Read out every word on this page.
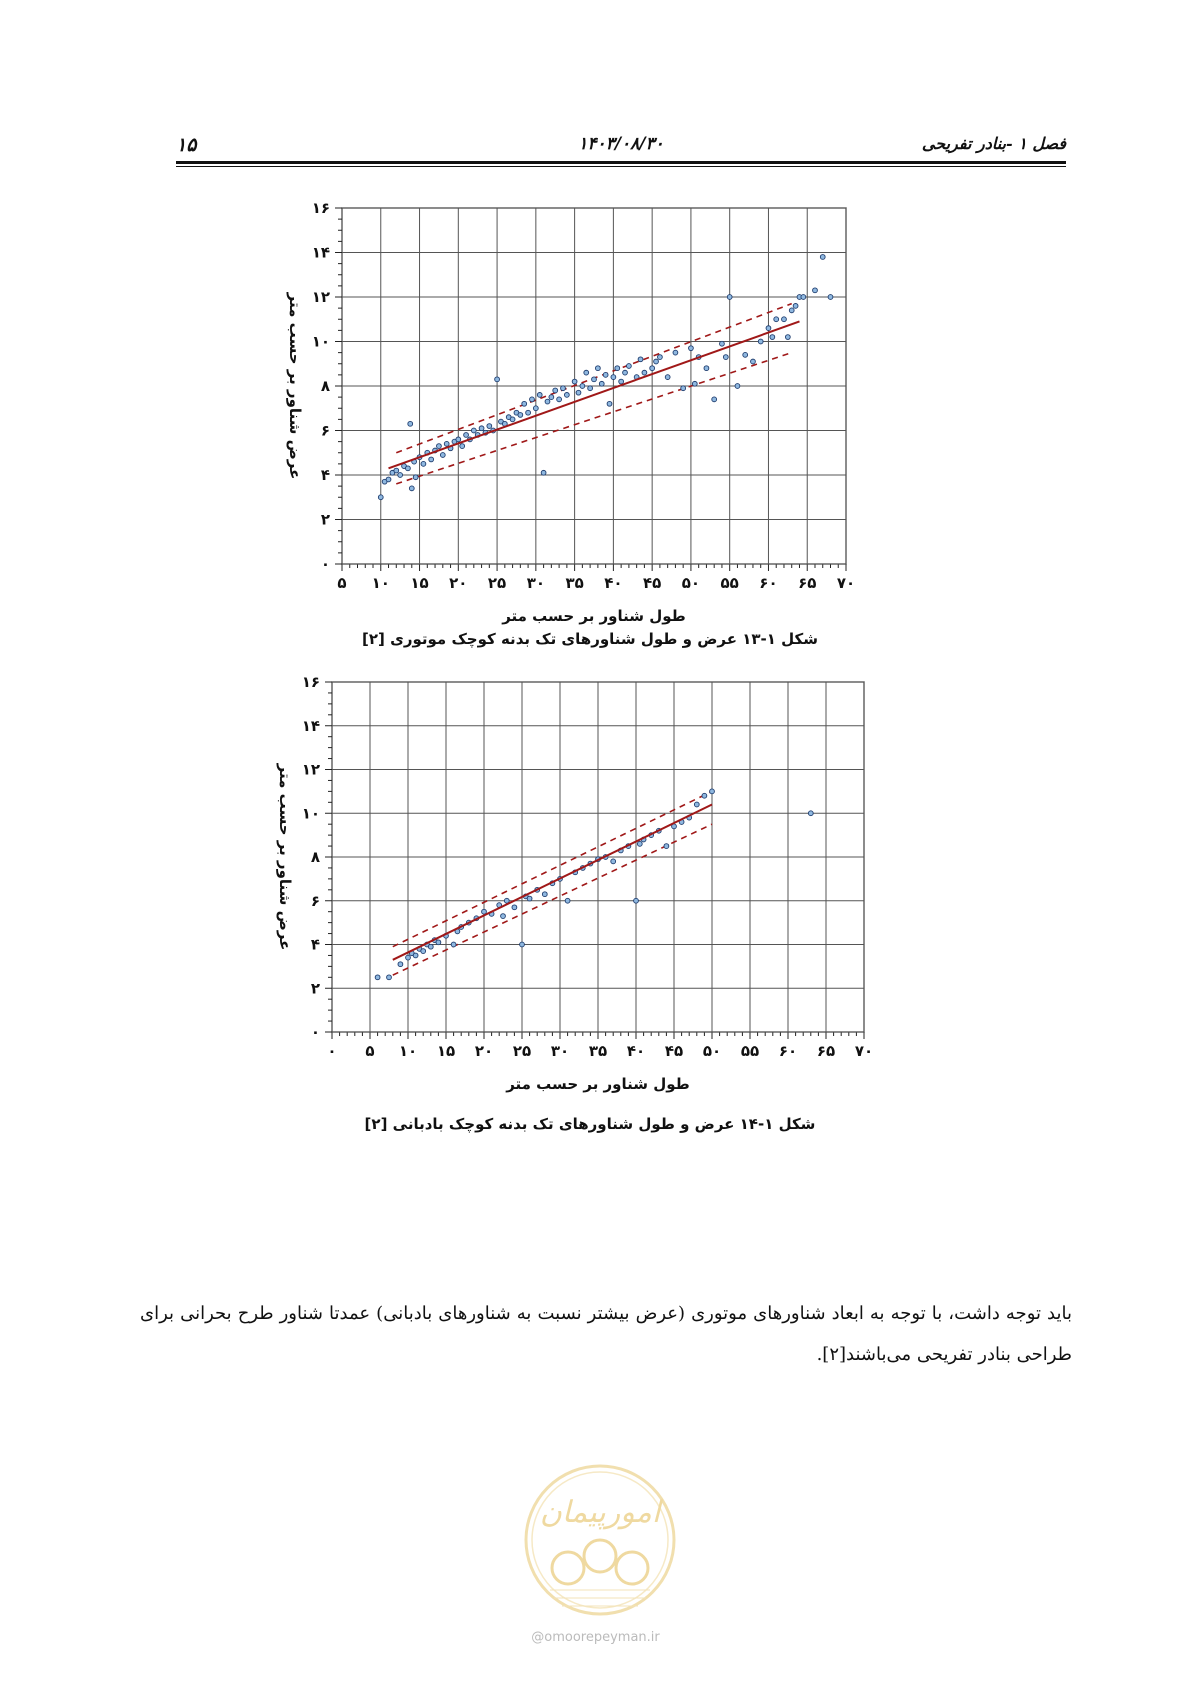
۱۵	۱۴۰۳/۰۸/۳۰	فصل ۱ -بنادر تفریحی
۵ ۱۰ ۱۵ ۲۰ ۲۵ ۳۰ ۳۵ ۴۰ ۴۵ ۵۰ ۵۵ ۶۰ ۶۵ ۷۰
۰
۲
۴
۶
۸
۱۰
۱۲
۱۴
۱۶
طول شناور بر حسب متر
عرض شناور بر حسب متر
شکل ۱-۱۳ عرض و طول شناورهای تک بدنه کوچک موتوری [۲]
۰ ۵ ۱۰ ۱۵ ۲۰ ۲۵ ۳۰ ۳۵ ۴۰ ۴۵ ۵۰ ۵۵ ۶۰ ۶۵ ۷۰
۰
۲
۴
۶
۸
۱۰
۱۲
۱۴
۱۶
طول شناور بر حسب متر
عرض شناور بر حسب متر
شکل ۱-۱۴ عرض و طول شناورهای تک بدنه کوچک بادبانی [۲]

باید توجه داشت، با توجه به ابعاد شناورهای موتوری (عرض بیشتر نسبت به شناورهای بادبانی) عمدتا شناور طرح بحرانی برای طراحی بنادر تفریحی می‌باشند[۲].

امورپیمان
@omoorepeyman.ir
